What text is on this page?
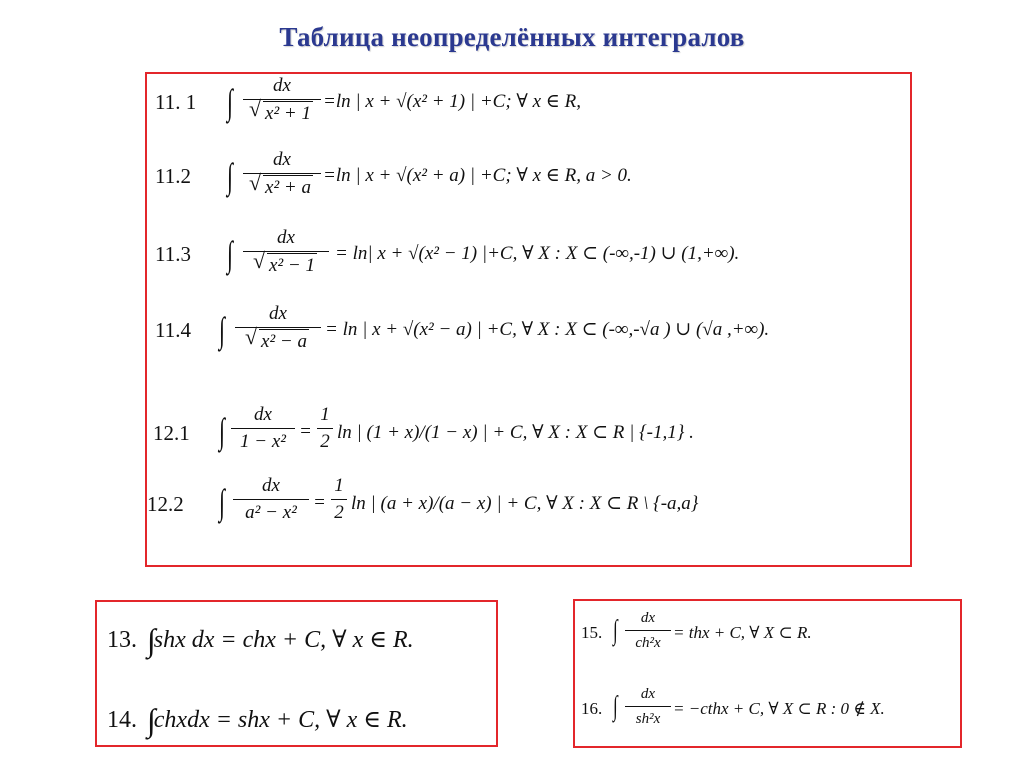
Таблица неопределённых интегралов
11. 1 ∫	dx
√ x² + 1
=ln | x + √(x² + 1) | +C; ∀ x ∈ R,
11.2 ∫	dx
√ x² + a
=ln | x + √(x² + a) | +C; ∀ x ∈ R, a > 0.
11.3 ∫	dx
√ x² − 1
= ln| x + √(x² − 1) |+C, ∀ X : X ⊂ (-∞,-1) ∪ (1,+∞).
11.4 ∫	dx
√ x² − a
= ln | x + √(x² − a) | +C, ∀ X : X ⊂ (-∞,-√a ) ∪ (√a ,+∞).
12.1 ∫	dx
1 − x² =
1
2 ln | (1 + x)/(1 − x) | + C, ∀ X : X ⊂ R | {-1,1} .
12.2 ∫	dx
a² − x² =
1
2 ln | (a + x)/(a − x) | + C, ∀ X : X ⊂ R \ {-a,a}
13. ∫ shx dx = chx + C, ∀ x ∈ R.
14. ∫ chxdx = shx + C, ∀ x ∈ R.
15. ∫	dx
ch²x
= thx + C, ∀ X ⊂ R.
16. ∫	dx
sh²x
= −cthx + C, ∀ X ⊂ R : 0 ∉ X.
